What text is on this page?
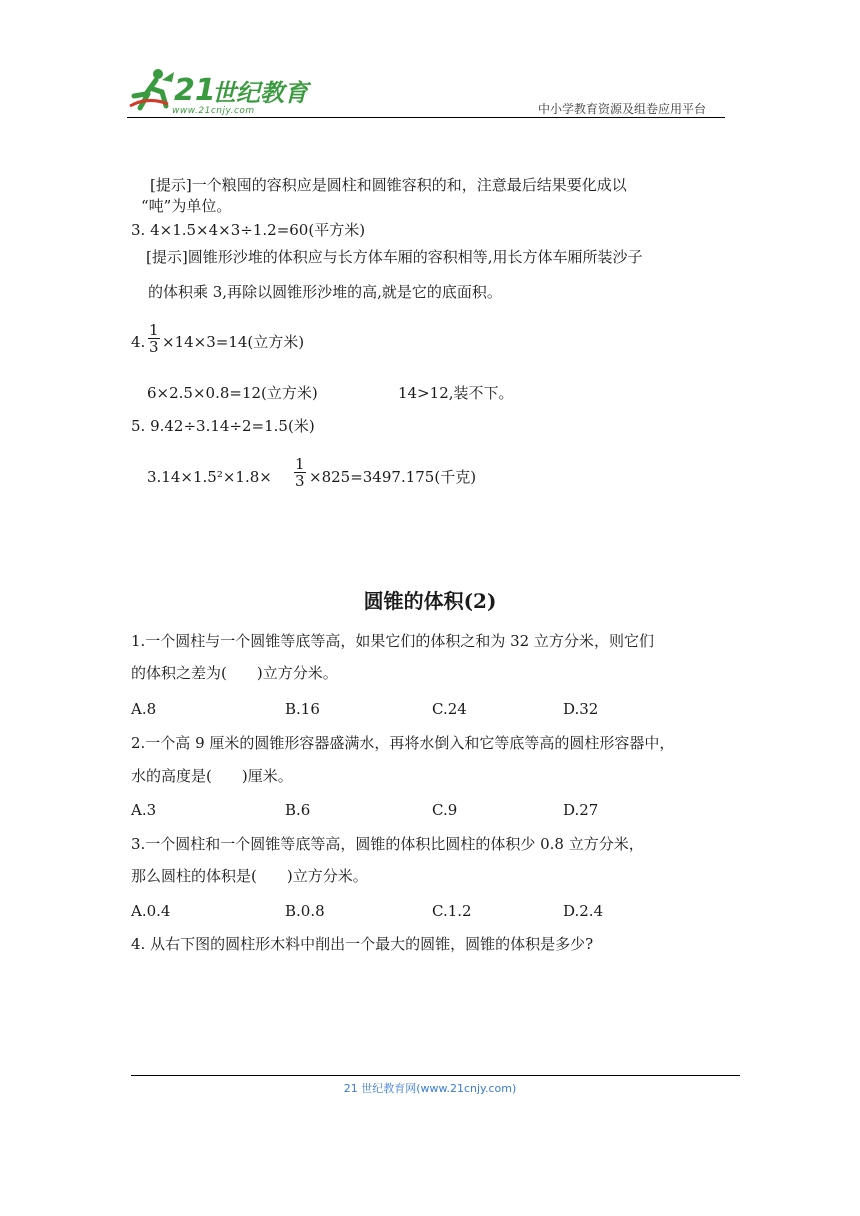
21
世纪教育
www.21cnjy.com	中小学教育资源及组卷应用平台
[提示]一个粮囤的容积应是圆柱和圆锥容积的和，注意最后结果要化成以
“吨”为单位。
3. 4×1.5×4×3÷1.2=60(平方米)
[提示]圆锥形沙堆的体积应与长方体车厢的容积相等,用长方体车厢所装沙子
的体积乘 3,再除以圆锥形沙堆的高,就是它的底面积。
4. $\frac{1}{3} \times 14\times 3=14$(立方米)
6×2.5×0.8=12(立方米)	14>12,装不下。
5. 9.42÷3.14÷2=1.5(米)
$3.14\times 1.5^2\times 1.8\times \frac{1}{3} \times 825=3497.175$(千克)
圆锥的体积(2)
1.一个圆柱与一个圆锥等底等高，如果它们的体积之和为 32 立方分米，则它们
的体积之差为(　　)立方分米。
A.8	B.16	C.24	D.32
2.一个高 9 厘米的圆锥形容器盛满水，再将水倒入和它等底等高的圆柱形容器中，
水的高度是(　　)厘米。
A.3	B.6	C.9	D.27
3.一个圆柱和一个圆锥等底等高，圆锥的体积比圆柱的体积少 0.8 立方分米，
那么圆柱的体积是(　　)立方分米。
A.0.4	B.0.8	C.1.2	D.2.4
4. 从右下图的圆柱形木料中削出一个最大的圆锥，圆锥的体积是多少?
21 世纪教育网(www.21cnjy.com)
